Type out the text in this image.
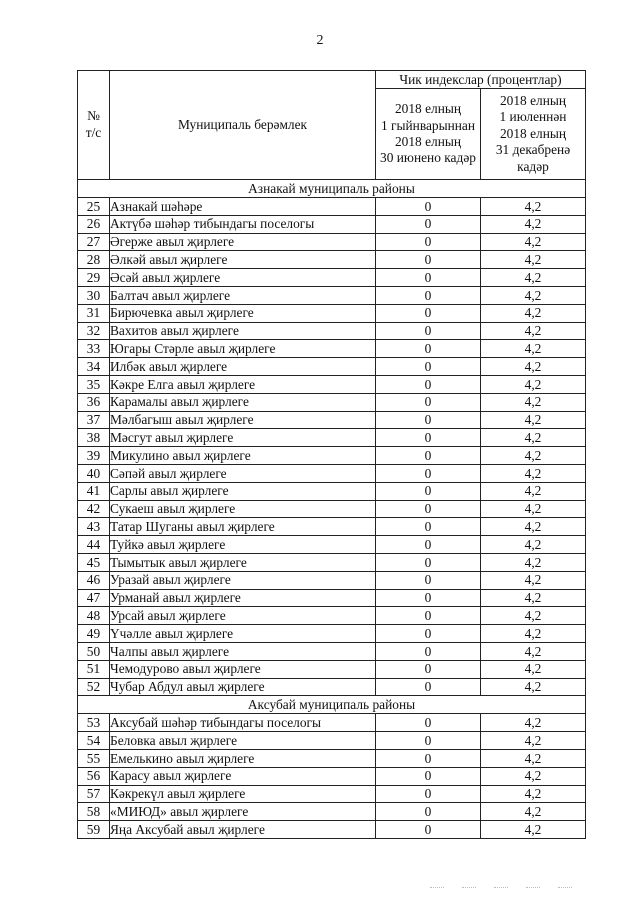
2
№
т/с	Муниципаль берәмлек	Чик индекслар (процентлар)	
		2018 елның
1 гыйнварыннан
2018 елның
30 июнено кадәр	2018 елның
1 июленнән
2018 елның
31 декабренә
кадәр
Азнакай муниципаль районы			
25	Азнакай шәһәре	0	4,2
26	Актүбә шәһәр тибындагы поселогы	0	4,2
27	Әгерже авыл җирлеге	0	4,2
28	Әлкәй авыл җирлеге	0	4,2
29	Әсәй авыл җирлеге	0	4,2
30	Балтач авыл җирлеге	0	4,2
31	Бирючевка авыл җирлеге	0	4,2
32	Вахитов авыл җирлеге	0	4,2
33	Югары Стәрле авыл җирлеге	0	4,2
34	Илбәк авыл җирлеге	0	4,2
35	Кәкре Елга авыл җирлеге	0	4,2
36	Карамалы авыл җирлеге	0	4,2
37	Мәлбагыш авыл җирлеге	0	4,2
38	Мәсгут авыл җирлеге	0	4,2
39	Микулино авыл җирлеге	0	4,2
40	Сәпәй авыл җирлеге	0	4,2
41	Сарлы авыл җирлеге	0	4,2
42	Сукаеш авыл җирлеге	0	4,2
43	Татар Шуганы авыл җирлеге	0	4,2
44	Туйкә авыл җирлеге	0	4,2
45	Тымытык авыл җирлеге	0	4,2
46	Уразай авыл җирлеге	0	4,2
47	Урманай авыл җирлеге	0	4,2
48	Урсай авыл җирлеге	0	4,2
49	Үчәлле авыл җирлеге	0	4,2
50	Чалпы авыл җирлеге	0	4,2
51	Чемодурово авыл җирлеге	0	4,2
52	Чубар Абдул авыл җирлеге	0	4,2
Аксубай муниципаль районы			
53	Аксубай шәһәр тибындагы поселогы	0	4,2
54	Беловка авыл җирлеге	0	4,2
55	Емелькино авыл җирлеге	0	4,2
56	Карасу авыл җирлеге	0	4,2
57	Кәкрекүл авыл җирлеге	0	4,2
58	«МИЮД» авыл җирлеге	0	4,2
59	Яңа Аксубай авыл җирлеге	0	4,2
